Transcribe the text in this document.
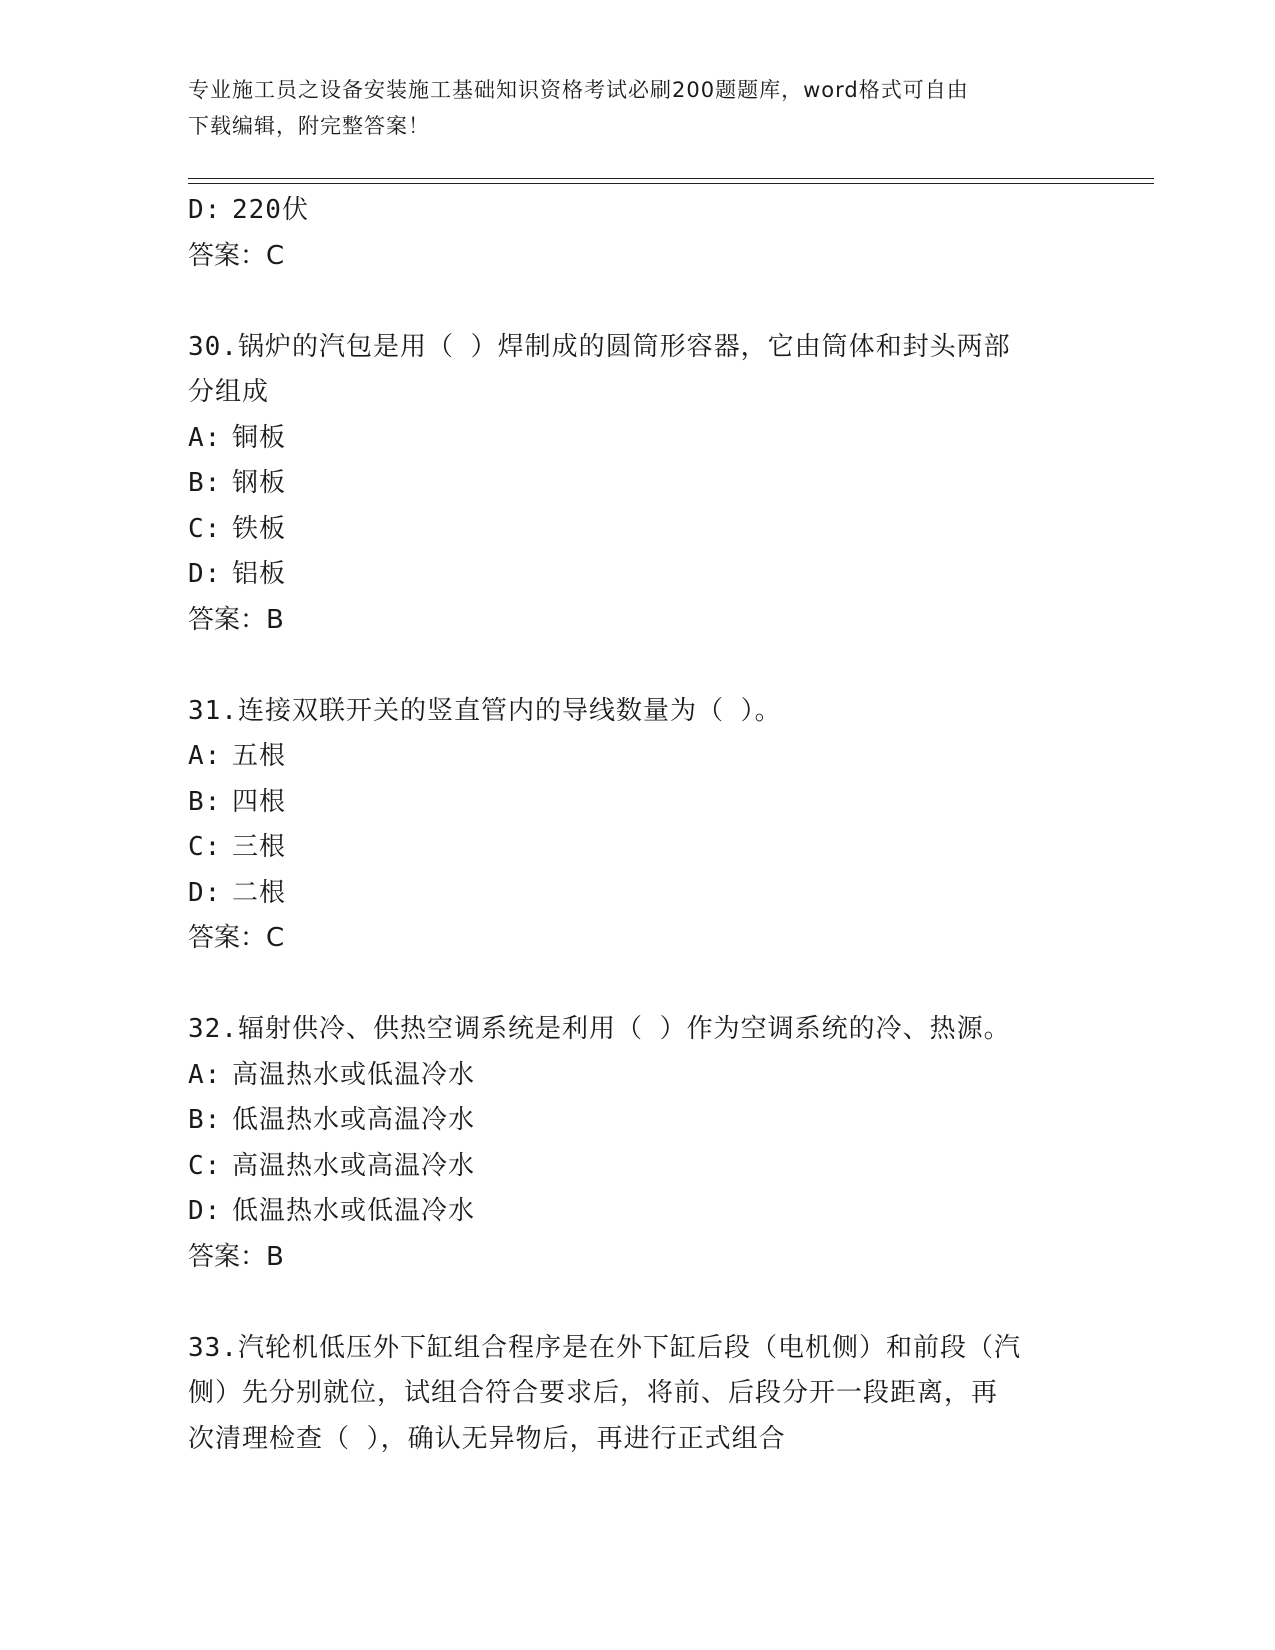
专业施工员之设备安装施工基础知识资格考试必刷200题题库，word格式可自由
下载编辑，附完整答案！
D: 220伏
答案：C
30.锅炉的汽包是用（ ）焊制成的圆筒形容器，它由筒体和封头两部
分组成
A: 铜板
B: 钢板
C: 铁板
D: 铝板
答案：B
31.连接双联开关的竖直管内的导线数量为（ ）。
A: 五根
B: 四根
C: 三根
D: 二根
答案：C
32.辐射供冷、供热空调系统是利用（ ）作为空调系统的冷、热源。
A: 高温热水或低温冷水
B: 低温热水或高温冷水
C: 高温热水或高温冷水
D: 低温热水或低温冷水
答案：B
33.汽轮机低压外下缸组合程序是在外下缸后段（电机侧）和前段（汽
侧）先分别就位，试组合符合要求后，将前、后段分开一段距离，再
次清理检查（ ），确认无异物后，再进行正式组合
